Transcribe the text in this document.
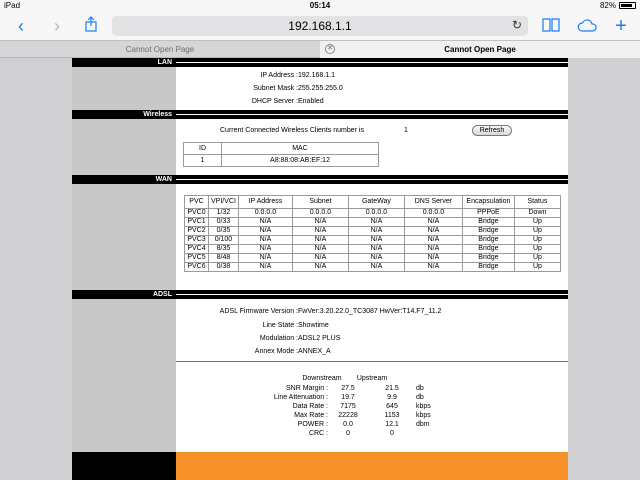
iPad	05:14	82%
‹	›	192.168.1.1	↻	+
Cannot Open Page	Cannot Open Page
✕
LAN
IP Address : 192.168.1.1
Subnet Mask : 255.255.255.0
DHCP Server : Enabled
Wireless
Current Connected Wireless Clients number is	1	Refresh
ID	MAC
1	A8:88:08:AB:EF:12
WAN
PVC	VPI/VCI	IP Address	Subnet	GateWay	DNS Server	Encapsulation	Status
PVC0	1/32	0.0.0.0	0.0.0.0	0.0.0.0	0.0.0.0	PPPoE	Down
PVC1	0/33	N/A	N/A	N/A	N/A	Bridge	Up
PVC2	0/35	N/A	N/A	N/A	N/A	Bridge	Up
PVC3	0/100	N/A	N/A	N/A	N/A	Bridge	Up
PVC4	8/35	N/A	N/A	N/A	N/A	Bridge	Up
PVC5	8/48	N/A	N/A	N/A	N/A	Bridge	Up
PVC6	0/38	N/A	N/A	N/A	N/A	Bridge	Up
ADSL
ADSL Firmware Version : FwVer:3.20.22.0_TC3087 HwVer:T14.F7_11.2
Line State : Showtime
Modulation : ADSL2 PLUS
Annex Mode : ANNEX_A
Downstream	Upstream
SNR Margin :	27.5	21.5	db
Line Attenuation :	19.7	9.9	db
Data Rate :	7175	645	kbps
Max Rate :	22228	1153	kbps
POWER :	0.0	12.1	dbm
CRC :	0	0
